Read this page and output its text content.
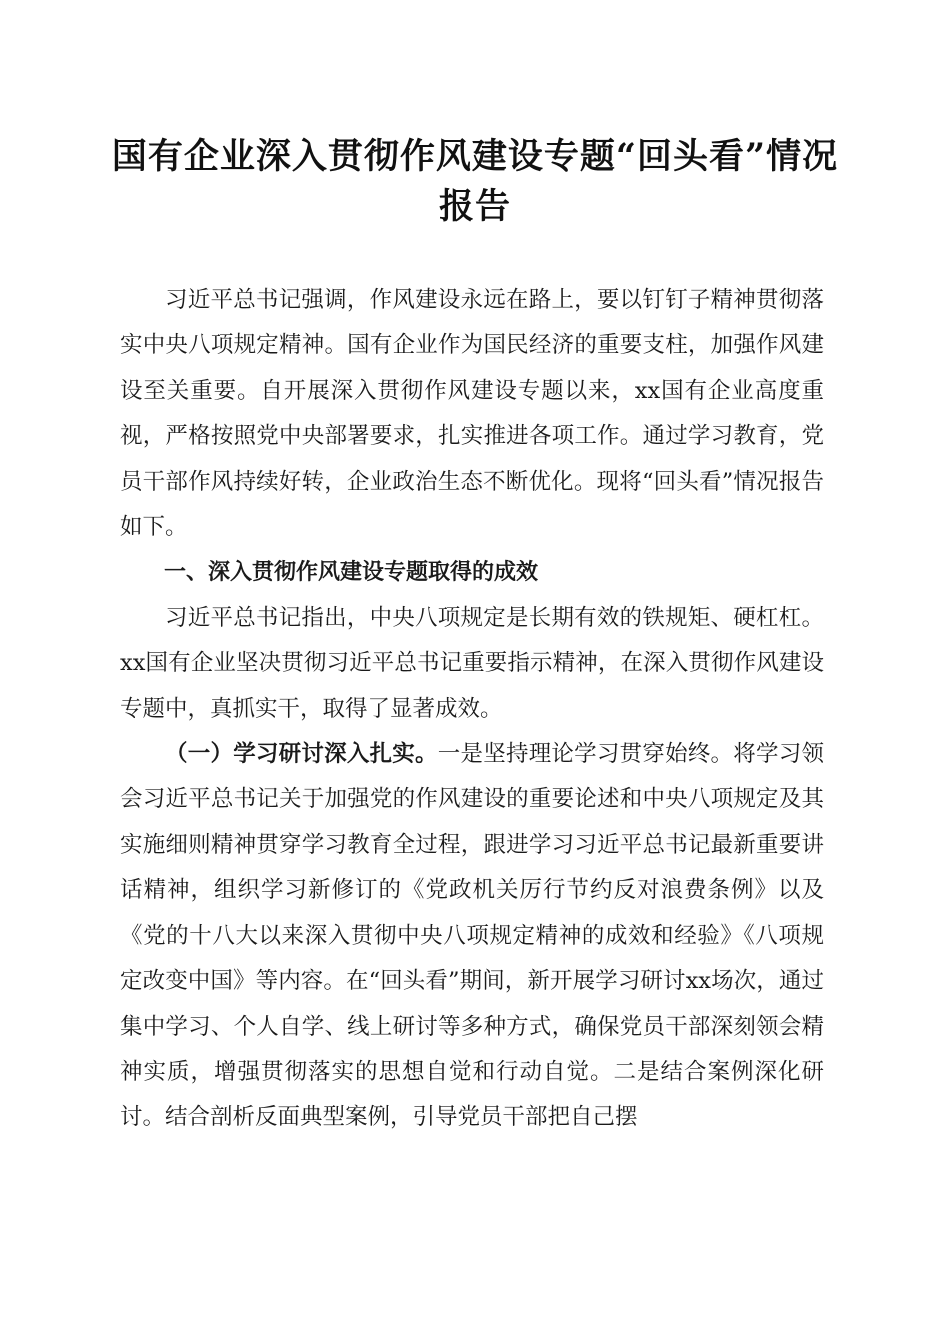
国有企业深入贯彻作风建设专题“回头看”情况报告

习近平总书记强调，作风建设永远在路上，要以钉钉子精神贯彻落实中央八项规定精神。国有企业作为国民经济的重要支柱，加强作风建设至关重要。自开展深入贯彻作风建设专题以来，xx国有企业高度重视，严格按照党中央部署要求，扎实推进各项工作。通过学习教育，党员干部作风持续好转，企业政治生态不断优化。现将“回头看”情况报告如下。

一、深入贯彻作风建设专题取得的成效

习近平总书记指出，中央八项规定是长期有效的铁规矩、硬杠杠。xx国有企业坚决贯彻习近平总书记重要指示精神，在深入贯彻作风建设专题中，真抓实干，取得了显著成效。

（一）学习研讨深入扎实。一是坚持理论学习贯穿始终。将学习领会习近平总书记关于加强党的作风建设的重要论述和中央八项规定及其实施细则精神贯穿学习教育全过程，跟进学习习近平总书记最新重要讲话精神，组织学习新修订的《党政机关厉行节约反对浪费条例》以及《党的十八大以来深入贯彻中央八项规定精神的成效和经验》《八项规定改变中国》等内容。在“回头看”期间，新开展学习研讨xx场次，通过集中学习、个人自学、线上研讨等多种方式，确保党员干部深刻领会精神实质，增强贯彻落实的思想自觉和行动自觉。二是结合案例深化研讨。结合剖析反面典型案例，引导党员干部把自己摆
